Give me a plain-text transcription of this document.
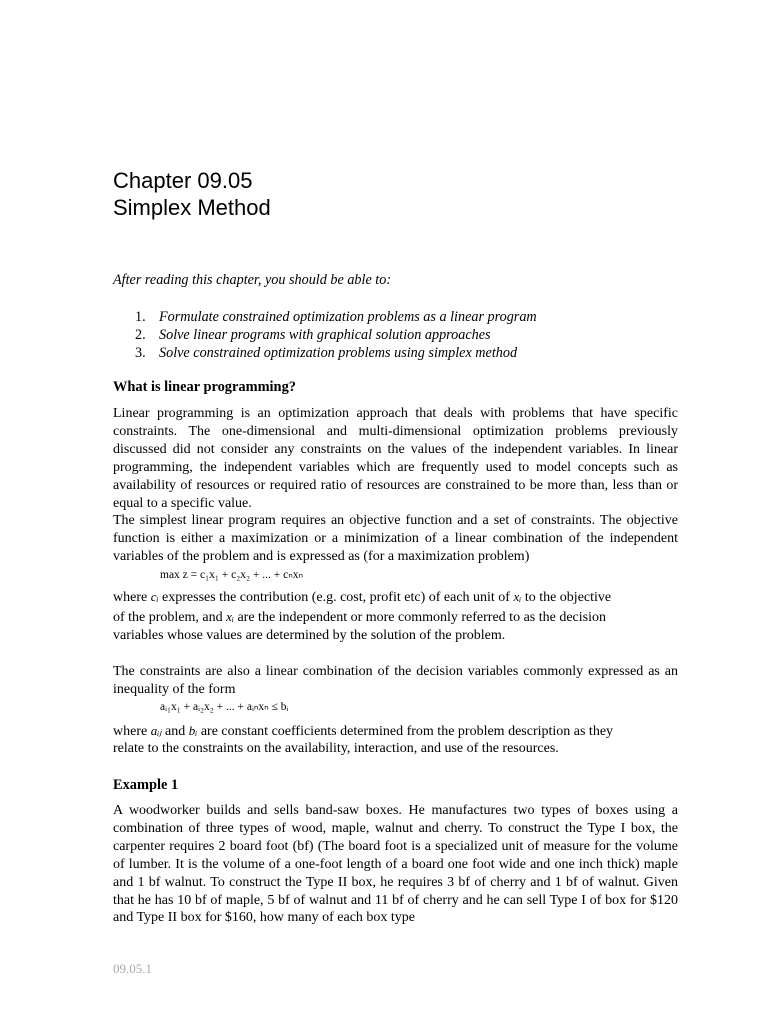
Chapter 09.05
Simplex Method
After reading this chapter, you should be able to:
1. Formulate constrained optimization problems as a linear program
2. Solve linear programs with graphical solution approaches
3. Solve constrained optimization problems using simplex method
What is linear programming?

Linear programming is an optimization approach that deals with problems that have specific constraints. The one-dimensional and multi-dimensional optimization problems previously discussed did not consider any constraints on the values of the independent variables. In linear programming, the independent variables which are frequently used to model concepts such as availability of resources or required ratio of resources are constrained to be more than, less than or equal to a specific value.

The simplest linear program requires an objective function and a set of constraints. The objective function is either a maximization or a minimization of a linear combination of the independent variables of the problem and is expressed as (for a maximization problem)

max z = c₁x₁ + c₂x₂ + ... + cₙxₙ
where cᵢ expresses the contribution (e.g. cost, profit etc) of each unit of xᵢ to the objective
of the problem, and xᵢ are the independent or more commonly referred to as the decision
variables whose values are determined by the solution of the problem.

The constraints are also a linear combination of the decision variables commonly expressed as an inequality of the form

aᵢ₁x₁ + aᵢ₂x₂ + ... + aᵢₙxₙ ≤ bᵢ
where aᵢⱼ and bᵢ are constant coefficients determined from the problem description as they
relate to the constraints on the availability, interaction, and use of the resources.
Example 1

A woodworker builds and sells band-saw boxes. He manufactures two types of boxes using a combination of three types of wood, maple, walnut and cherry. To construct the Type I box, the carpenter requires 2 board foot (bf) (The board foot is a specialized unit of measure for the volume of lumber. It is the volume of a one-foot length of a board one foot wide and one inch thick) maple and 1 bf walnut. To construct the Type II box, he requires 3 bf of cherry and 1 bf of walnut. Given that he has 10 bf of maple, 5 bf of walnut and 11 bf of cherry and he can sell Type I of box for $120 and Type II box for $160, how many of each box type

09.05.1
